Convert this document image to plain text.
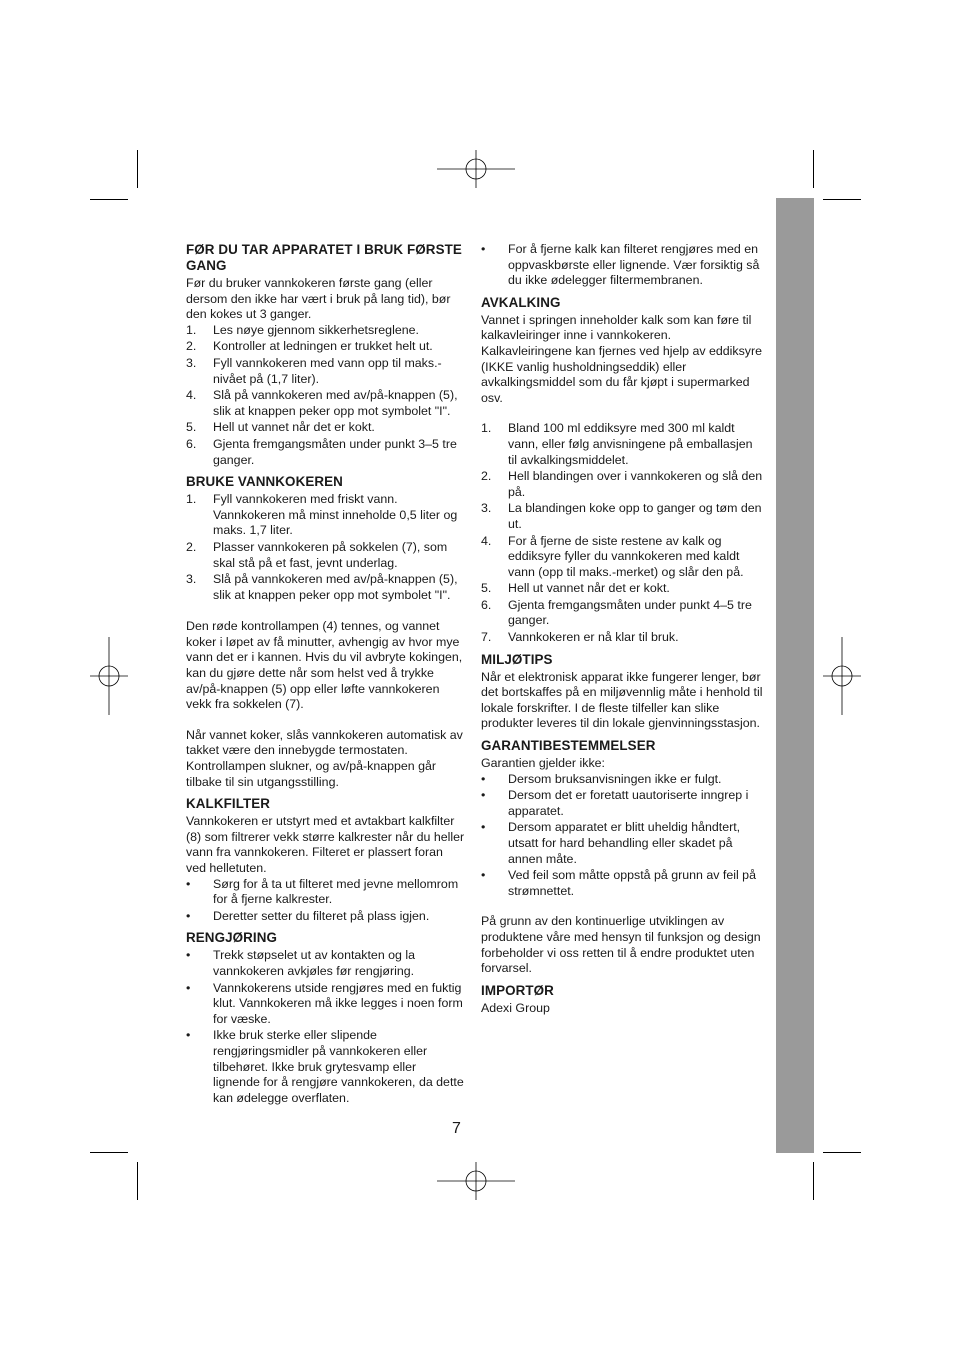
FØR DU TAR APPARATET I BRUK FØRSTE GANG

Før du bruker vannkokeren første gang (eller dersom den ikke har vært i bruk på lang tid), bør den kokes ut 3 ganger.

1. Les nøye gjennom sikkerhetsreglene.
2. Kontroller at ledningen er trukket helt ut.
3. Fyll vannkokeren med vann opp til maks.-nivået på (1,7 liter).
4. Slå på vannkokeren med av/på-knappen (5), slik at knappen peker opp mot symbolet "I".
5. Hell ut vannet når det er kokt.
6. Gjenta fremgangsmåten under punkt 3–5 tre ganger.
BRUKE VANNKOKEREN
1. Fyll vannkokeren med friskt vann. Vannkokeren må minst inneholde 0,5 liter og maks. 1,7 liter.
2. Plasser vannkokeren på sokkelen (7), som skal stå på et fast, jevnt underlag.
3. Slå på vannkokeren med av/på-knappen (5), slik at knappen peker opp mot symbolet "I".

Den røde kontrollampen (4) tennes, og vannet koker i løpet av få minutter, avhengig av hvor mye vann det er i kannen. Hvis du vil avbryte kokingen, kan du gjøre dette når som helst ved å trykke av/på-knappen (5) opp eller løfte vannkokeren vekk fra sokkelen (7).

Når vannet koker, slås vannkokeren automatisk av takket være den innebygde termostaten. Kontrollampen slukner, og av/på-knappen går tilbake til sin utgangsstilling.

KALKFILTER

Vannkokeren er utstyrt med et avtakbart kalkfilter (8) som filtrerer vekk større kalkrester når du heller vann fra vannkokeren. Filteret er plassert foran ved helletuten.

• Sørg for å ta ut filteret med jevne mellomrom for å fjerne kalkrester.
• Deretter setter du filteret på plass igjen.
RENGJØRING
• Trekk støpselet ut av kontakten og la vannkokeren avkjøles før rengjøring.
• Vannkokerens utside rengjøres med en fuktig klut. Vannkokeren må ikke legges i noen form for væske.
• Ikke bruk sterke eller slipende rengjøringsmidler på vannkokeren eller tilbehøret. Ikke bruk grytesvamp eller lignende for å rengjøre vannkokeren, da dette kan ødelegge overflaten.
• For å fjerne kalk kan filteret rengjøres med en oppvaskbørste eller lignende. Vær forsiktig så du ikke ødelegger filtermembranen.
AVKALKING

Vannet i springen inneholder kalk som kan føre til kalkavleiringer inne i vannkokeren. Kalkavleiringene kan fjernes ved hjelp av eddiksyre (IKKE vanlig husholdningseddik) eller avkalkingsmiddel som du får kjøpt i supermarked osv.

1. Bland 100 ml eddiksyre med 300 ml kaldt vann, eller følg anvisningene på emballasjen til avkalkingsmiddelet.
2. Hell blandingen over i vannkokeren og slå den på.
3. La blandingen koke opp to ganger og tøm den ut.
4. For å fjerne de siste restene av kalk og eddiksyre fyller du vannkokeren med kaldt vann (opp til maks.-merket) og slår den på.
5. Hell ut vannet når det er kokt.
6. Gjenta fremgangsmåten under punkt 4–5 tre ganger.
7. Vannkokeren er nå klar til bruk.
MILJØTIPS

Når et elektronisk apparat ikke fungerer lenger, bør det bortskaffes på en miljøvennlig måte i henhold til lokale forskrifter. I de fleste tilfeller kan slike produkter leveres til din lokale gjenvinningsstasjon.

GARANTIBESTEMMELSER

Garantien gjelder ikke:

• Dersom bruksanvisningen ikke er fulgt.
• Dersom det er foretatt uautoriserte inngrep i apparatet.
• Dersom apparatet er blitt uheldig håndtert, utsatt for hard behandling eller skadet på annen måte.
• Ved feil som måtte oppstå på grunn av feil på strømnettet.

På grunn av den kontinuerlige utviklingen av produktene våre med hensyn til funksjon og design forbeholder vi oss retten til å endre produktet uten forvarsel.

IMPORTØR

Adexi Group

7
